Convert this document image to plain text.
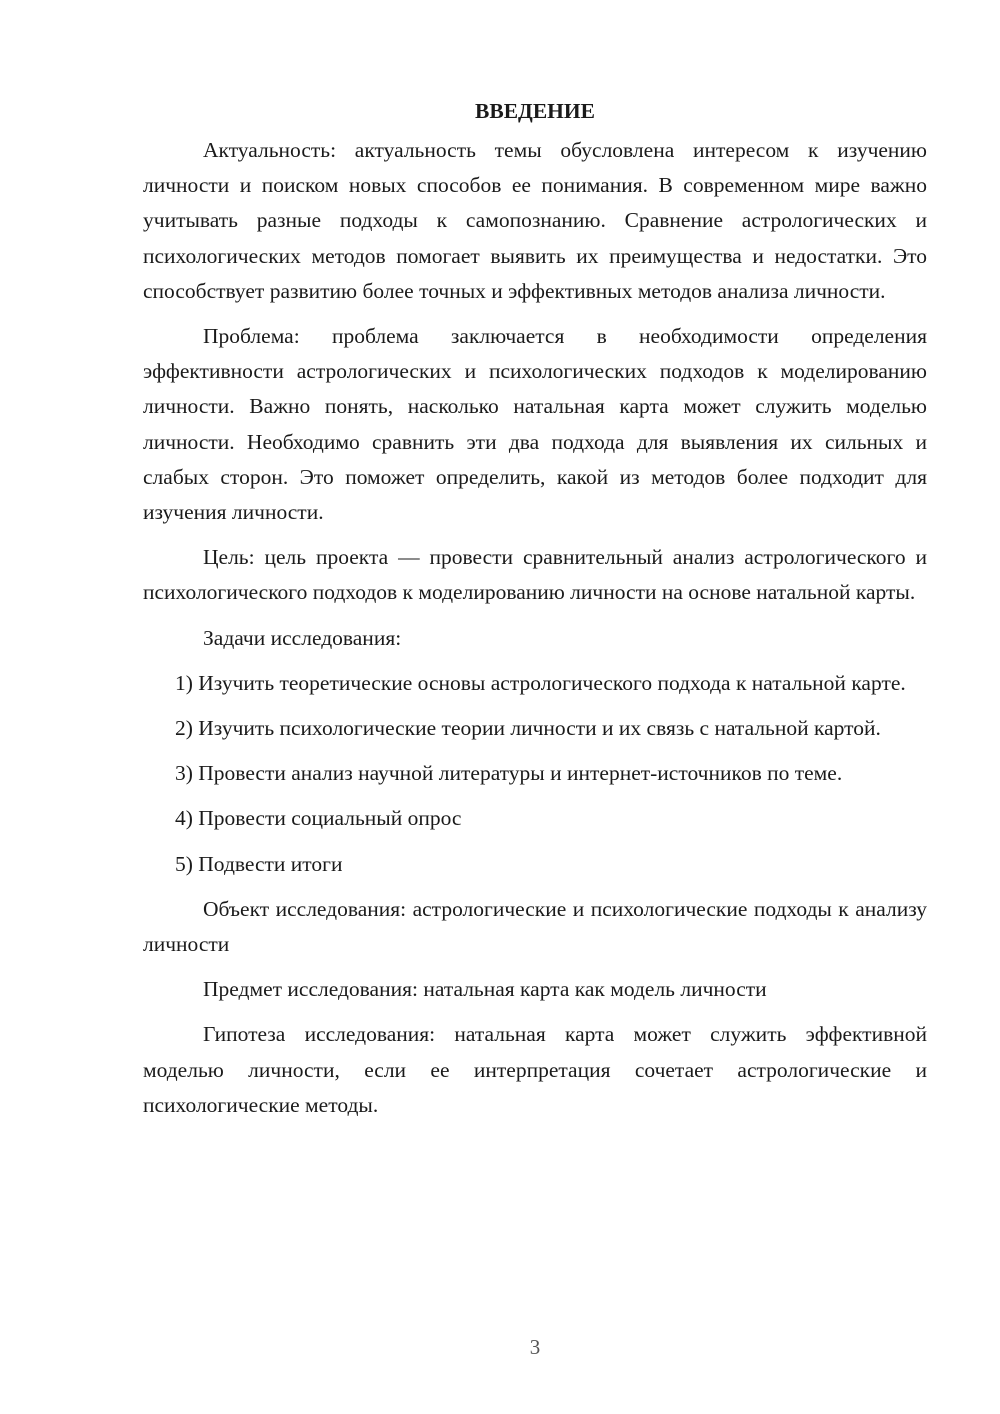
ВВЕДЕНИЕ

Актуальность: актуальность темы обусловлена интересом к изучению личности и поиском новых способов ее понимания. В современном мире важно учитывать разные подходы к самопознанию. Сравнение астрологических и психологических методов помогает выявить их преимущества и недостатки. Это способствует развитию более точных и эффективных методов анализа личности.

Проблема: проблема заключается в необходимости определения эффективности астрологических и психологических подходов к моделированию личности. Важно понять, насколько натальная карта может служить моделью личности. Необходимо сравнить эти два подхода для выявления их сильных и слабых сторон. Это поможет определить, какой из методов более подходит для изучения личности.

Цель: цель проекта — провести сравнительный анализ астрологического и психологического подходов к моделированию личности на основе натальной карты.

Задачи исследования:

1) Изучить теоретические основы астрологического подхода к натальной карте.

2) Изучить психологические теории личности и их связь с натальной картой.

3) Провести анализ научной литературы и интернет-источников по теме.

4) Провести социальный опрос

5) Подвести итоги

Объект исследования: астрологические и психологические подходы к анализу личности

Предмет исследования: натальная карта как модель личности

Гипотеза исследования: натальная карта может служить эффективной моделью личности, если ее интерпретация сочетает астрологические и психологические методы.

3
